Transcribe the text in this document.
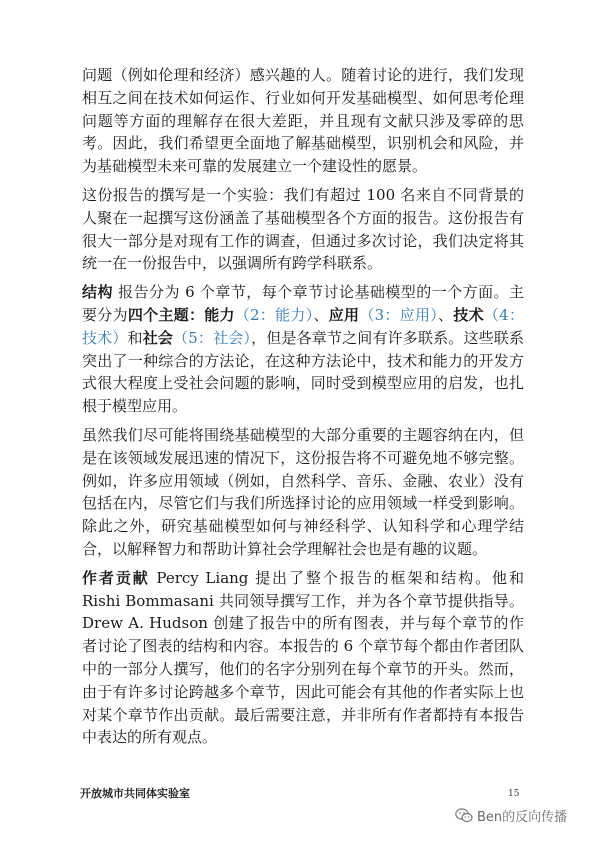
问题（例如伦理和经济）感兴趣的人。随着讨论的进行，我们发现相互之间在技术如何运作、行业如何开发基础模型、如何思考伦理问题等方面的理解存在很大差距，并且现有文献只涉及零碎的思考。因此，我们希望更全面地了解基础模型，识别机会和风险，并为基础模型未来可靠的发展建立一个建设性的愿景。

这份报告的撰写是一个实验：我们有超过 100 名来自不同背景的人聚在一起撰写这份涵盖了基础模型各个方面的报告。这份报告有很大一部分是对现有工作的调查，但通过多次讨论，我们决定将其统一在一份报告中，以强调所有跨学科联系。

结构 报告分为 6 个章节，每个章节讨论基础模型的一个方面。主要分为四个主题：能力（2：能力）、应用（3：应用）、技术（4：技术）和社会（5：社会），但是各章节之间有许多联系。这些联系突出了一种综合的方法论，在这种方法论中，技术和能力的开发方式很大程度上受社会问题的影响，同时受到模型应用的启发，也扎根于模型应用。

虽然我们尽可能将围绕基础模型的大部分重要的主题容纳在内，但是在该领域发展迅速的情况下，这份报告将不可避免地不够完整。例如，许多应用领域（例如，自然科学、音乐、金融、农业）没有包括在内，尽管它们与我们所选择讨论的应用领域一样受到影响。除此之外，研究基础模型如何与神经科学、认知科学和心理学结合，以解释智力和帮助计算社会学理解社会也是有趣的议题。

作者贡献 Percy Liang 提出了整个报告的框架和结构。他和 Rishi Bommasani 共同领导撰写工作，并为各个章节提供指导。Drew A. Hudson 创建了报告中的所有图表，并与每个章节的作者讨论了图表的结构和内容。本报告的 6 个章节每个都由作者团队中的一部分人撰写，他们的名字分别列在每个章节的开头。然而，由于有许多讨论跨越多个章节，因此可能会有其他的作者实际上也对某个章节作出贡献。最后需要注意，并非所有作者都持有本报告中表达的所有观点。

开放城市共同体实验室	15
Ben的反向传播
